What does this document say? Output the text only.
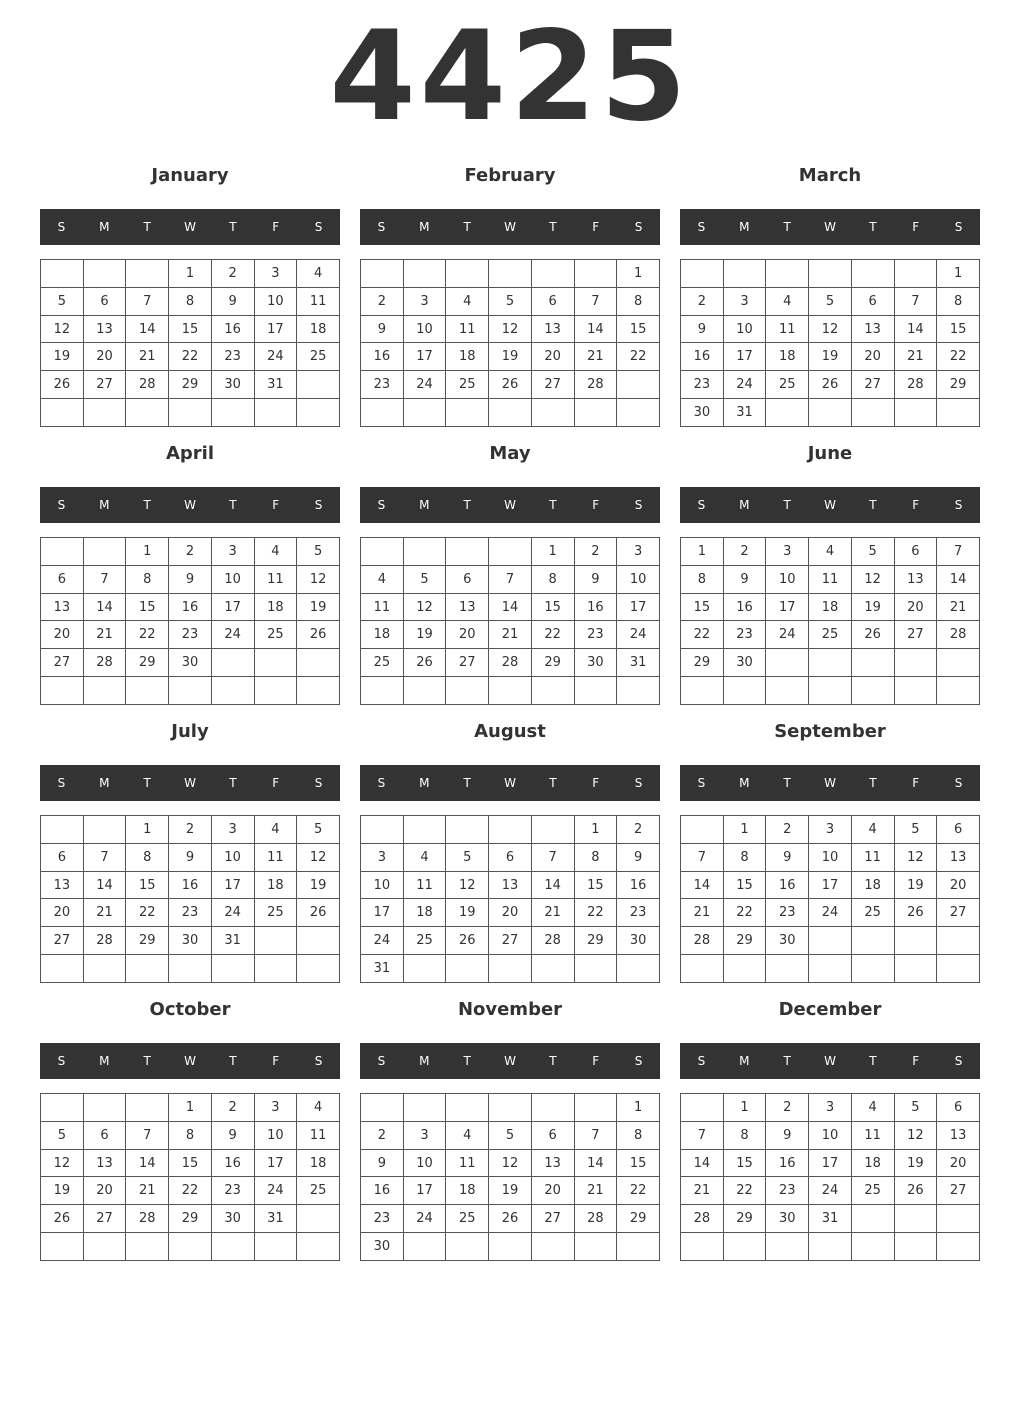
4425
January
S	M	T	W	T	F	S
			1	2	3	4
5	6	7	8	9	10	11
12	13	14	15	16	17	18
19	20	21	22	23	24	25
26	27	28	29	30	31	

February
S	M	T	W	T	F	S
						1
2	3	4	5	6	7	8
9	10	11	12	13	14	15
16	17	18	19	20	21	22
23	24	25	26	27	28	

March
S	M	T	W	T	F	S
						1
2	3	4	5	6	7	8
9	10	11	12	13	14	15
16	17	18	19	20	21	22
23	24	25	26	27	28	29
30	31					
April
S	M	T	W	T	F	S
		1	2	3	4	5
6	7	8	9	10	11	12
13	14	15	16	17	18	19
20	21	22	23	24	25	26
27	28	29	30			

May
S	M	T	W	T	F	S
				1	2	3
4	5	6	7	8	9	10
11	12	13	14	15	16	17
18	19	20	21	22	23	24
25	26	27	28	29	30	31

June
S	M	T	W	T	F	S
1	2	3	4	5	6	7
8	9	10	11	12	13	14
15	16	17	18	19	20	21
22	23	24	25	26	27	28
29	30					

July
S	M	T	W	T	F	S
		1	2	3	4	5
6	7	8	9	10	11	12
13	14	15	16	17	18	19
20	21	22	23	24	25	26
27	28	29	30	31		

August
S	M	T	W	T	F	S
					1	2
3	4	5	6	7	8	9
10	11	12	13	14	15	16
17	18	19	20	21	22	23
24	25	26	27	28	29	30
31						
September
S	M	T	W	T	F	S
	1	2	3	4	5	6
7	8	9	10	11	12	13
14	15	16	17	18	19	20
21	22	23	24	25	26	27
28	29	30				

October
S	M	T	W	T	F	S
			1	2	3	4
5	6	7	8	9	10	11
12	13	14	15	16	17	18
19	20	21	22	23	24	25
26	27	28	29	30	31	

November
S	M	T	W	T	F	S
						1
2	3	4	5	6	7	8
9	10	11	12	13	14	15
16	17	18	19	20	21	22
23	24	25	26	27	28	29
30						
December
S	M	T	W	T	F	S
	1	2	3	4	5	6
7	8	9	10	11	12	13
14	15	16	17	18	19	20
21	22	23	24	25	26	27
28	29	30	31			
